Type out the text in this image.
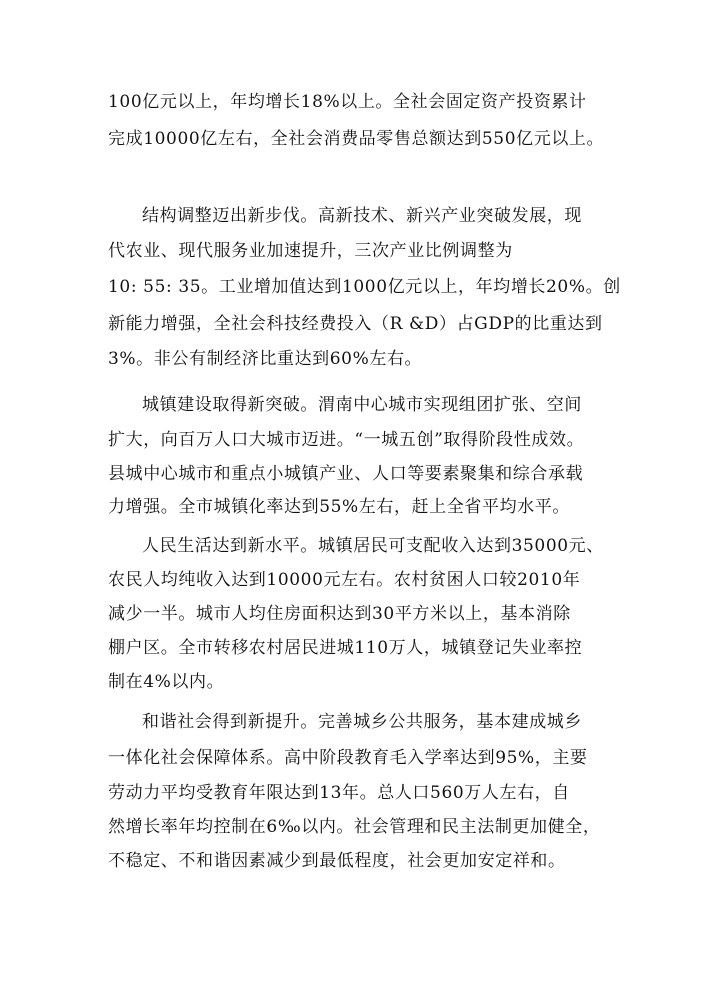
100亿元以上，年均增长18%以上。全社会固定资产投资累计
完成10000亿左右，全社会消费品零售总额达到550亿元以上。
结构调整迈出新步伐。高新技术、新兴产业突破发展，现
代农业、现代服务业加速提升，三次产业比例调整为
10: 55: 35。工业增加值达到1000亿元以上，年均增长20%。创
新能力增强，全社会科技经费投入（R &D）占GDP的比重达到
3%。非公有制经济比重达到60%左右。
城镇建设取得新突破。渭南中心城市实现组团扩张、空间
扩大，向百万人口大城市迈进。“一城五创”取得阶段性成效。
县城中心城市和重点小城镇产业、人口等要素聚集和综合承载
力增强。全市城镇化率达到55%左右，赶上全省平均水平。
人民生活达到新水平。城镇居民可支配收入达到35000元、
农民人均纯收入达到10000元左右。农村贫困人口较2010年
减少一半。城市人均住房面积达到30平方米以上，基本消除
棚户区。全市转移农村居民进城110万人，城镇登记失业率控
制在4%以内。
和谐社会得到新提升。完善城乡公共服务，基本建成城乡
一体化社会保障体系。高中阶段教育毛入学率达到95%，主要
劳动力平均受教育年限达到13年。总人口560万人左右，自
然增长率年均控制在6‰以内。社会管理和民主法制更加健全，
不稳定、不和谐因素减少到最低程度，社会更加安定祥和。
